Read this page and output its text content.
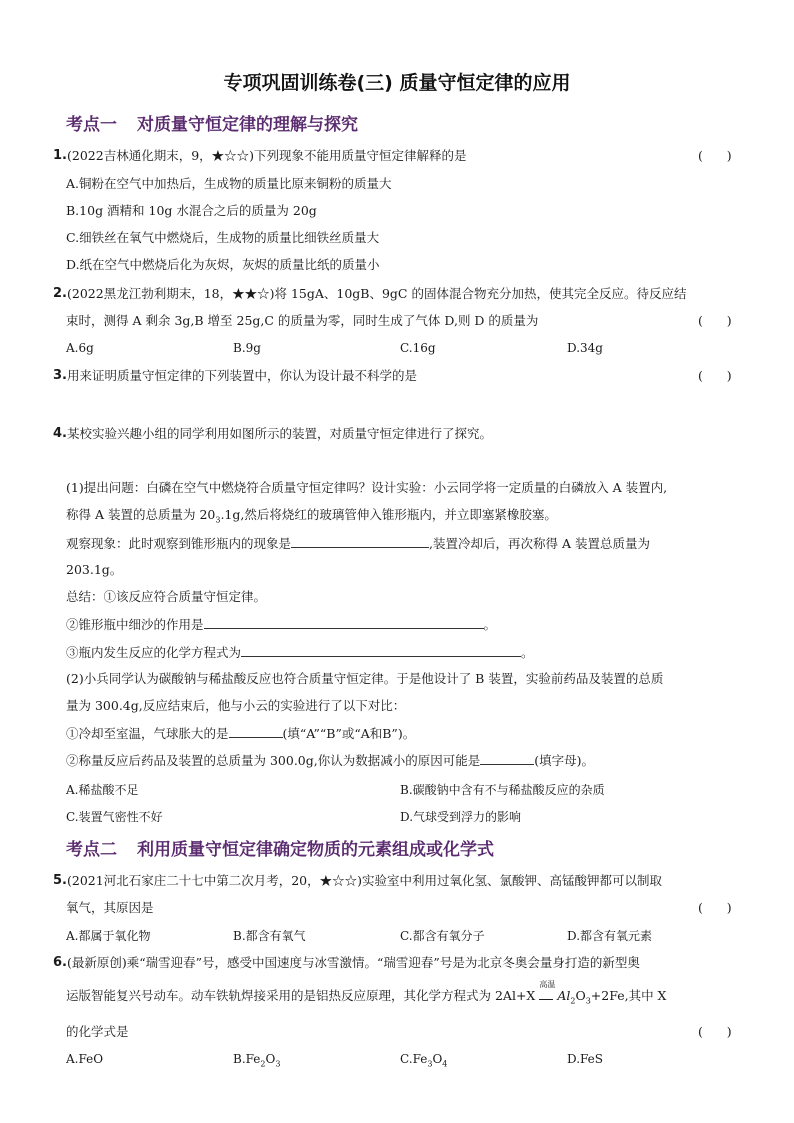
专项巩固训练卷(三) 质量守恒定律的应用
考点一 对质量守恒定律的理解与探究
1. (2022吉林通化期末，9，★☆☆)下列现象不能用质量守恒定律解释的是	(      )
A.铜粉在空气中加热后，生成物的质量比原来铜粉的质量大
B.10g 酒精和 10g 水混合之后的质量为 20g
C.细铁丝在氧气中燃烧后，生成物的质量比细铁丝质量大
D.纸在空气中燃烧后化为灰烬，灰烬的质量比纸的质量小
2. (2022黑龙江勃利期末，18，★★☆)将 15gA、10gB、9gC 的固体混合物充分加热，使其完全反应。待反应结
束时，测得 A 剩余 3g,B 增至 25g,C 的质量为零，同时生成了气体 D,则 D 的质量为	(      )
A.6g	B.9g	C.16g	D.34g
3. 用来证明质量守恒定律的下列装置中，你认为设计最不科学的是	(      )
4. 某校实验兴趣小组的同学利用如图所示的装置，对质量守恒定律进行了探究。
(1)提出问题：白磷在空气中燃烧符合质量守恒定律吗？设计实验：小云同学将一定质量的白磷放入 A 装置内,
称得 A 装置的总质量为 $20_3.1g$,然后将烧红的玻璃管伸入锥形瓶内，并立即塞紧橡胶塞。
观察现象：此时观察到锥形瓶内的现象是	,装置冷却后，再次称得 A 装置总质量为
203.1g。
总结：①该反应符合质量守恒定律。
②锥形瓶中细沙的作用是	。
③瓶内发生反应的化学方程式为	。
(2)小兵同学认为碳酸钠与稀盐酸反应也符合质量守恒定律。于是他设计了 B 装置，实验前药品及装置的总质
量为 300.4g,反应结束后，他与小云的实验进行了以下对比：
①冷却至室温，气球胀大的是	(填“A”“B”或“A和B”)。
②称量反应后药品及装置的总质量为 300.0g,你认为数据减小的原因可能是	(填字母)。
A.稀盐酸不足	B.碳酸钠中含有不与稀盐酸反应的杂质
C.装置气密性不好	D.气球受到浮力的影响
考点二 利用质量守恒定律确定物质的元素组成或化学式
5. (2021河北石家庄二十七中第二次月考，20，★☆☆)实验室中利用过氧化氢、氯酸钾、高锰酸钾都可以制取
氧气，其原因是	(      )
A.都属于氧化物	B.都含有氧气	C.都含有氧分子	D.都含有氧元素
6. (最新原创)乘“瑞雪迎春”号，感受中国速度与冰雪激情。“瑞雪迎春”号是为北京冬奥会量身打造的新型奥
运版智能复兴号动车。动车铁轨焊接采用的是铝热反应原理，其化学方程式为 2Al+X
高温
$Al_2O_3+2Fe$,其中 X
的化学式是	(      )
A.FeO	$B.Fe_2O_3$	$C.Fe_3O_4$	D.FeS
